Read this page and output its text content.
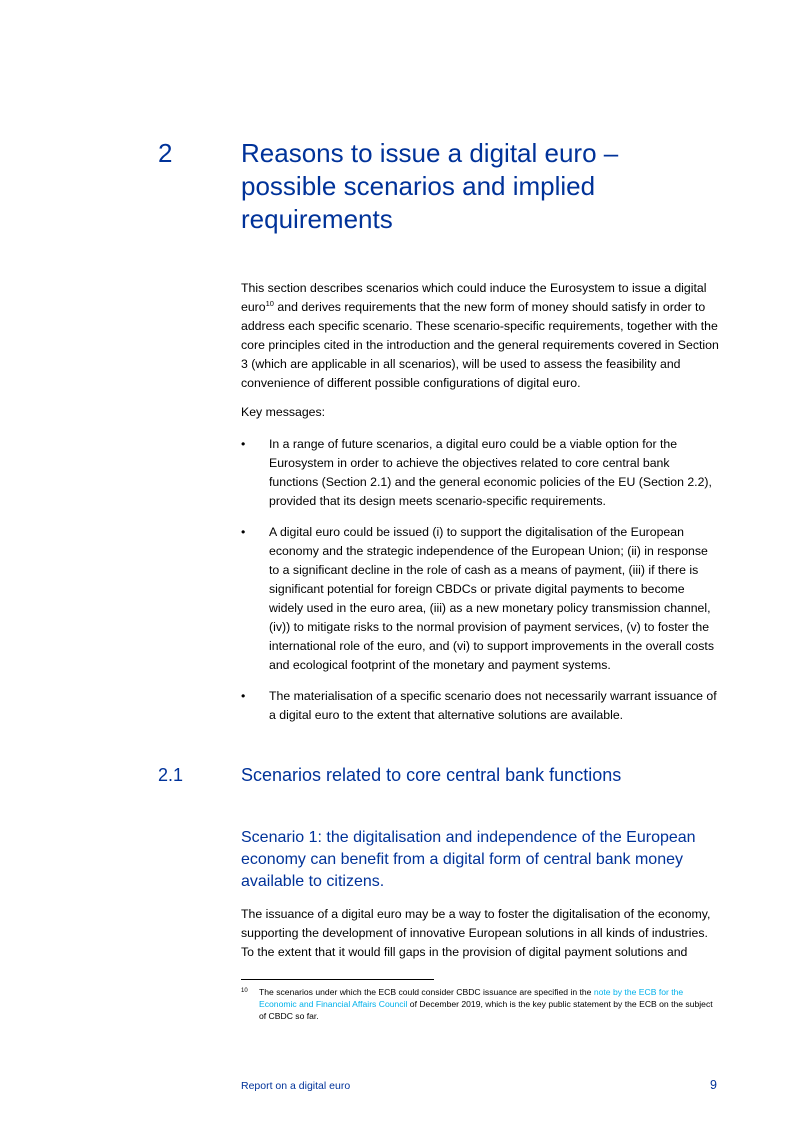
2	Reasons to issue a digital euro – possible scenarios and implied requirements
This section describes scenarios which could induce the Eurosystem to issue a digital euro$^{10}$ and derives requirements that the new form of money should satisfy in order to address each specific scenario. These scenario-specific requirements, together with the core principles cited in the introduction and the general requirements covered in Section 3 (which are applicable in all scenarios), will be used to assess the feasibility and convenience of different possible configurations of digital euro.
Key messages:
• In a range of future scenarios, a digital euro could be a viable option for the Eurosystem in order to achieve the objectives related to core central bank functions (Section 2.1) and the general economic policies of the EU (Section 2.2), provided that its design meets scenario-specific requirements.
• A digital euro could be issued (i) to support the digitalisation of the European economy and the strategic independence of the European Union; (ii) in response to a significant decline in the role of cash as a means of payment, (iii) if there is significant potential for foreign CBDCs or private digital payments to become widely used in the euro area, (iii) as a new monetary policy transmission channel, (iv)) to mitigate risks to the normal provision of payment services, (v) to foster the international role of the euro, and (vi) to support improvements in the overall costs and ecological footprint of the monetary and payment systems.
• The materialisation of a specific scenario does not necessarily warrant issuance of a digital euro to the extent that alternative solutions are available.
2.1	Scenarios related to core central bank functions
Scenario 1: the digitalisation and independence of the European economy can benefit from a digital form of central bank money available to citizens.
The issuance of a digital euro may be a way to foster the digitalisation of the economy, supporting the development of innovative European solutions in all kinds of industries. To the extent that it would fill gaps in the provision of digital payment solutions and
10	The scenarios under which the ECB could consider CBDC issuance are specified in the note by the ECB for the Economic and Financial Affairs Council of December 2019, which is the key public statement by the ECB on the subject of CBDC so far.
Report on a digital euro	9
